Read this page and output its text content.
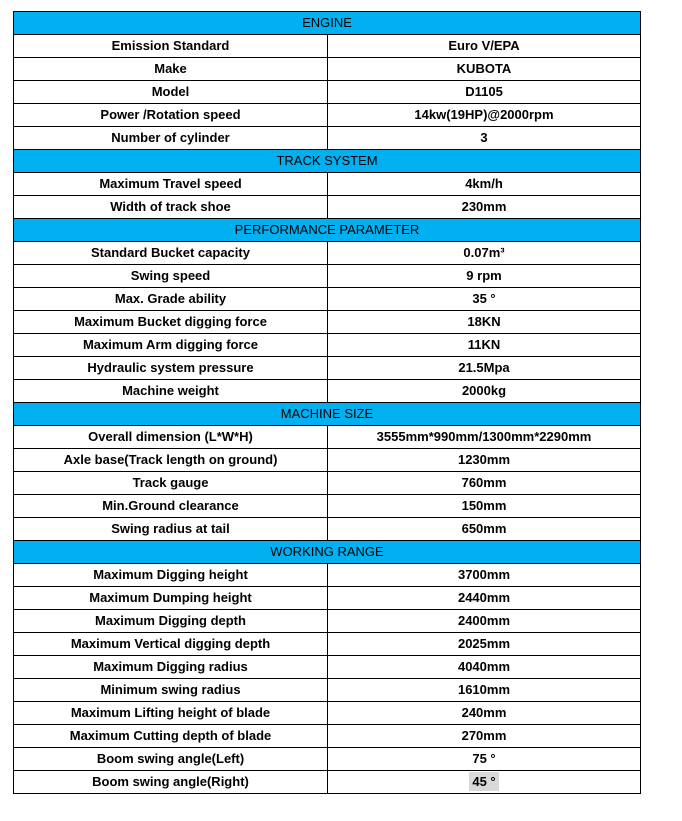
ENGINE	
Emission Standard	Euro V/EPA
Make	KUBOTA
Model	D1105
Power /Rotation speed	14kw(19HP)@2000rpm
Number of cylinder	3
TRACK SYSTEM	
Maximum Travel speed	4km/h
Width of track shoe	230mm
PERFORMANCE PARAMETER	
Standard Bucket capacity	0.07m³
Swing speed	9 rpm
Max. Grade ability	35 °
Maximum Bucket digging force	18KN
Maximum Arm digging force	11KN
Hydraulic system pressure	21.5Mpa
Machine weight	2000kg
MACHINE SIZE	
Overall dimension (L*W*H)	3555mm*990mm/1300mm*2290mm
Axle base(Track length on ground)	1230mm
Track gauge	760mm
Min.Ground clearance	150mm
Swing radius at tail	650mm
WORKING RANGE	
Maximum Digging height	3700mm
Maximum Dumping height	2440mm
Maximum Digging depth	2400mm
Maximum Vertical digging depth	2025mm
Maximum Digging radius	4040mm
Minimum swing radius	1610mm
Maximum Lifting height of blade	240mm
Maximum Cutting depth of blade	270mm
Boom swing angle(Left)	75 °
Boom swing angle(Right)	45 °
